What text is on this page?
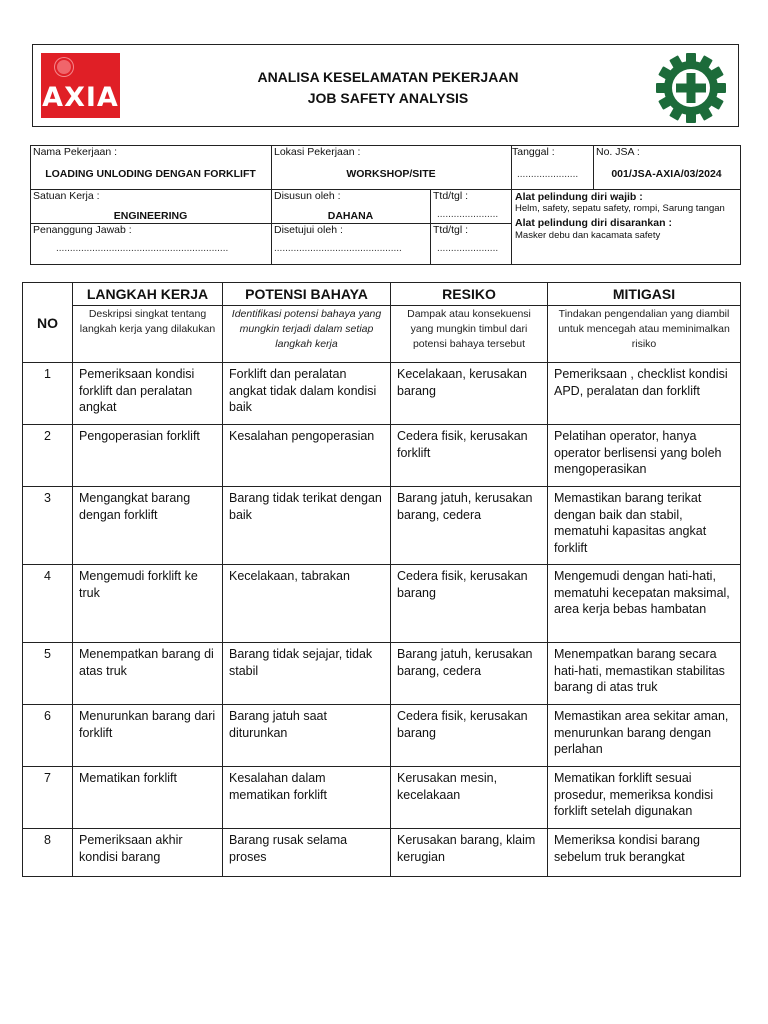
AXIA
ANALISA KESELAMATAN PEKERJAAN
JOB SAFETY ANALYSIS
Nama Pekerjaan :
LOADING UNLODING DENGAN FORKLIFT
Lokasi Pekerjaan :
WORKSHOP/SITE
Tanggal :
......................
No. JSA :
001/JSA-AXIA/03/2024
Satuan Kerja :
ENGINEERING
Disusun oleh :
DAHANA
Ttd/tgl :
......................
Penanggung Jawab :
..............................................................
Disetujui oleh :
..............................................
Ttd/tgl :
......................
Alat pelindung diri wajib :
Helm, safety, sepatu safety, rompi, Sarung tangan
Alat pelindung diri disarankan :
Masker debu dan kacamata safety
NO	LANGKAH KERJA	POTENSI BAHAYA	RESIKO	MITIGASI
	Deskripsi singkat tentang langkah kerja yang dilakukan	Identifikasi potensi bahaya yang mungkin terjadi dalam setiap langkah kerja	Dampak atau konsekuensi yang mungkin timbul dari potensi bahaya tersebut	Tindakan pengendalian yang diambil untuk mencegah atau meminimalkan risiko
1	Pemeriksaan kondisi forklift dan peralatan angkat	Forklift dan peralatan angkat tidak dalam kondisi baik	Kecelakaan, kerusakan barang	Pemeriksaan , checklist kondisi APD, peralatan dan forklift
2	Pengoperasian forklift	Kesalahan pengoperasian	Cedera fisik, kerusakan forklift	Pelatihan operator, hanya operator berlisensi yang boleh mengoperasikan
3	Mengangkat barang dengan forklift	Barang tidak terikat dengan baik	Barang jatuh, kerusakan barang, cedera	Memastikan barang terikat dengan baik dan stabil, mematuhi kapasitas angkat forklift
4	Mengemudi forklift ke truk	Kecelakaan, tabrakan	Cedera fisik, kerusakan barang	Mengemudi dengan hati-hati, mematuhi kecepatan maksimal, area kerja bebas hambatan
5	Menempatkan barang di atas truk	Barang tidak sejajar, tidak stabil	Barang jatuh, kerusakan barang, cedera	Menempatkan barang secara hati-hati, memastikan stabilitas barang di atas truk
6	Menurunkan barang dari forklift	Barang jatuh saat diturunkan	Cedera fisik, kerusakan barang	Memastikan area sekitar aman, menurunkan barang dengan perlahan
7	Mematikan forklift	Kesalahan dalam mematikan forklift	Kerusakan mesin, kecelakaan	Mematikan forklift sesuai prosedur, memeriksa kondisi forklift setelah digunakan
8	Pemeriksaan akhir kondisi barang	Barang rusak selama proses	Kerusakan barang, klaim kerugian	Memeriksa kondisi barang sebelum truk berangkat
